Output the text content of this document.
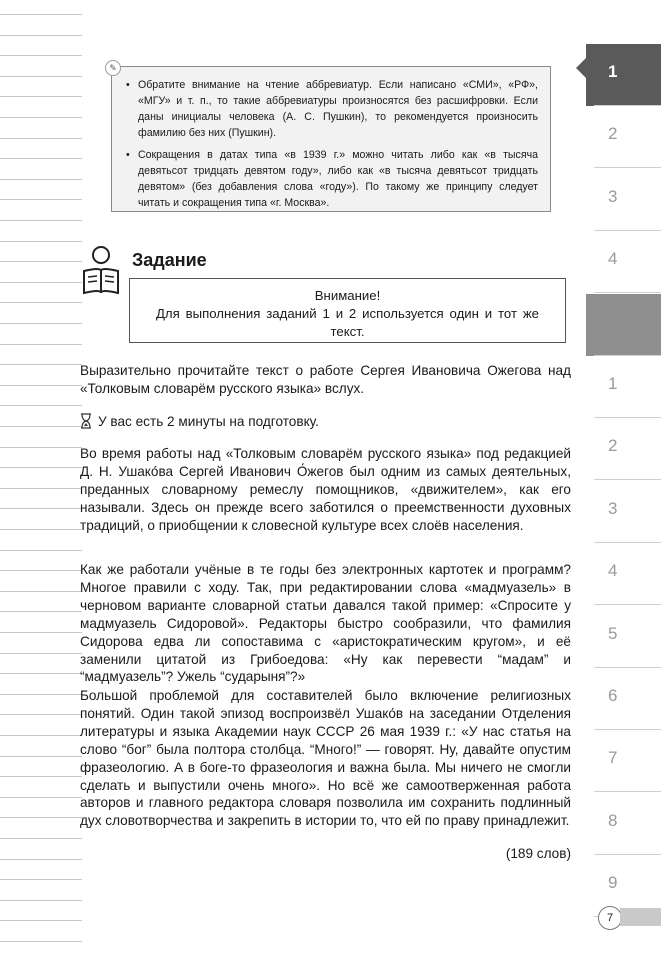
1
2
3
4
1
2
3
4
5
6
7
8
9
• Обратите внимание на чтение аббревиатур. Если написано «СМИ», «РФ», «МГУ» и т. п., то такие аббревиатуры произносятся без расшифровки. Если даны инициалы человека (А. С. Пушкин), то рекомендуется произносить фамилию без них (Пушкин).
• Сокращения в датах типа «в 1939 г.» можно читать либо как «в тысяча девятьсот тридцать девятом году», либо как «в тысяча девятьсот тридцать девятом» (без добавления слова «году»). По такому же принципу следует читать и сокращения типа «г. Москва».
✎
Задание
Внимание!

Для выполнения заданий 1 и 2 используется один и тот же текст.

Выразительно прочитайте текст о работе Сергея Ивановича Ожегова над «Толковым словарём русского языка» вслух.

У вас есть 2 минуты на подготовку.

Во время работы над «Толковым словарём русского языка» под редакцией Д. Н. Ушако́ва Сергей Иванович О́жегов был одним из самых деятельных, преданных словарному ремеслу помощников, «движителем», как его называли. Здесь он прежде всего заботился о преемственности духовных традиций, о приобщении к словесной культуре всех слоёв населения.

Как же работали учёные в те годы без электронных картотек и программ? Многое правили с ходу. Так, при редактировании слова «мадмуазель» в черновом варианте словарной статьи давался такой пример: «Спросите у мадмуазель Сидоровой». Редакторы быстро сообразили, что фамилия Сидорова едва ли сопоставима с «аристократическим кругом», и её заменили цитатой из Грибоедова: «Ну как перевести “мадам” и “мадмуазель”? Ужель “сударыня”?»

Большой проблемой для составителей было включение религиозных понятий. Один такой эпизод воспроизвёл Ушако́в на заседании Отделения литературы и языка Академии наук СССР 26 мая 1939 г.: «У нас статья на слово “бог” была полтора столбца. “Много!” — говорят. Ну, давайте опустим фразеологию. А в боге-то фразеология и важна была. Мы ничего не смогли сделать и выпустили очень много». Но всё же самоотверженная работа авторов и главного редактора словаря позволила им сохранить подлинный дух словотворчества и закрепить в истории то, что ей по праву принадлежит.

(189 слов)
7
